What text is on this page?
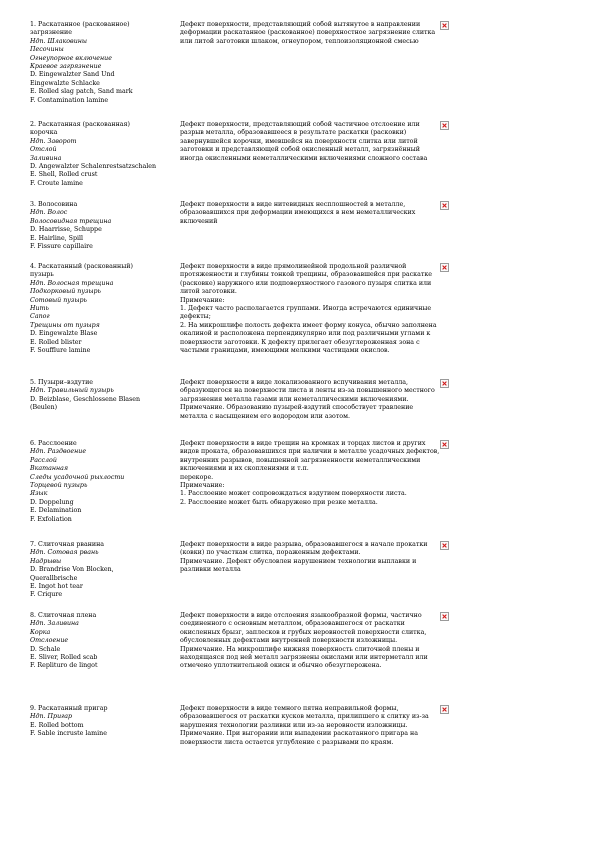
1. Раскатанное (раскованное)
загрязнение
Ндп. Шлаковины
Песочины
Огнеупорное включение
Краевое загрязнение
D. Eingewalzter Sand Und
Eingewalzte Schlacke
E. Rolled slag patch, Sand mark
F. Contamination lamine
Дефект поверхности, представляющий собой вытянутое в направлении деформации раскатанное (раскованное) поверхностное загрязнение слитка или литой заготовки шлаком, огнеупором, теплоизоляционной смесью
2. Раскатанная (раскованная)
корочка
Ндп. Заворот
Отслой
Заливина
D. Angewalzter Schalenrestsatzschalen
E. Shell, Rolled crust
F. Croute lamine
Дефект поверхности, представляющий собой частичное отслоение или разрыв металла, образовавшееся в результате раскатки (расковки) завернувшейся корочки, имевшейся на поверхности слитка или литой заготовки и представляющей собой окисленный металл, загрязнённый иногда окисленными неметаллическими включениями сложного состава
3. Волосовина
Ндп. Волос
Волосовидная трещина
D. Haarrisse, Schuppe
E. Hairline, Spill
F. Fissure capillaire
Дефект поверхности в виде нитевидных несплошностей в металле, образовавшихся при деформации имеющихся в нем неметаллических включений
4. Раскатанный (раскованный)
пузырь
Ндп. Волосная трещина
Подкорковый пузырь
Сотовый пузырь
Нить
Сапог
Трещины от пузыря
D. Eingewalzte Blase
E. Rolled blister
F. Soufflure lamine
Дефект поверхности в виде прямолинейной продольной различной протяженности и глубины тонкой трещины, образовавшейся при раскатке (расковке) наружного или подповерхностного газового пузыря слитка или литой заготовки.
Примечание:
1. Дефект часто располагается группами. Иногда встречаются единичные дефекты;
2. На микрошлифе полость дефекта имеет форму конуса, обычно заполнена окалиной и расположена перпендикулярно или под различными углами к поверхности заготовки. К дефекту прилегает обезуглероженная зона с частыми границами, имеющими мелкими частицами окислов.
5. Пузыри–вздутие
Ндп. Травильный пузырь
D. Beizblase, Geschlossene Blasen
(Beulen)
Дефект поверхности в виде локализованного вспучивания металла, образующегося на поверхности листа и ленты из-за повышенного местного загрязнения металла газами или неметаллическими включениями.
Примечание. Образованию пузырей-вздутий способствует травление металла с насыщением его водородом или азотом.
6. Расслоение
Ндп. Раздвоение
Расслой
Вкатанная
Следы усадочной рыхлости
Торцевой пузырь
Язык
D. Doppelung
E. Delamination
F. Exfoliation
Дефект поверхности в виде трещин на кромках и торцах листов и других видов проката, образовавшихся при наличии в металле усадочных дефектов, внутренних разрывов, повышенной загрязненности неметаллическими включениями и их скоплениями и т.п.
перекоре.
Примечание:
1. Расслоение может сопровождаться вздутием поверхности листа.
2. Расслоение может быть обнаружено при резке металла.
7. Слиточная рванина
Ндп. Сотовая рвань
Надрывы
D. Brandrise Von Blocken,
Querallbrische
E. Ingot hot tear
F. Criqure
Дефект поверхности в виде разрыва, образовавшегося в начале прокатки (ковки) по участкам слитка, пораженным дефектами.
Примечание. Дефект обусловлен нарушением технологии выплавки и разливки металла
8. Слиточная плена
Ндп. Заливина
Корка
Отслоение
D. Schale
E. Sliver, Rolled scab
F. Replituro de lingot
Дефект поверхности в виде отслоения языкообразной формы, частично соединенного с основным металлом, образовавшегося от раскатки окисленных брызг, заплесков и грубых неровностей поверхности слитка, обусловленных дефектами внутренней поверхности изложницы.
Примечание. На микрошлифе нижняя поверхность слиточной плены и находящаяся под ней металл загрязнены окислами или интерметалл или отмечено уплотнительной окисн и обычно обезуглерожена.
9. Раскатанный пригар
Ндп. Пригар
E. Rolled bottom
F. Sable incruste lamine
Дефект поверхности в виде темного пятна неправильной формы, образовавшегося от раскатки кусков металла, прилипшего к слитку из-за нарушения технологии разливки или из-за неровности изложницы.
Примечание. При выгорании или выпадении раскатанного пригара на поверхности листа остается углубление с разрывами по краям.
